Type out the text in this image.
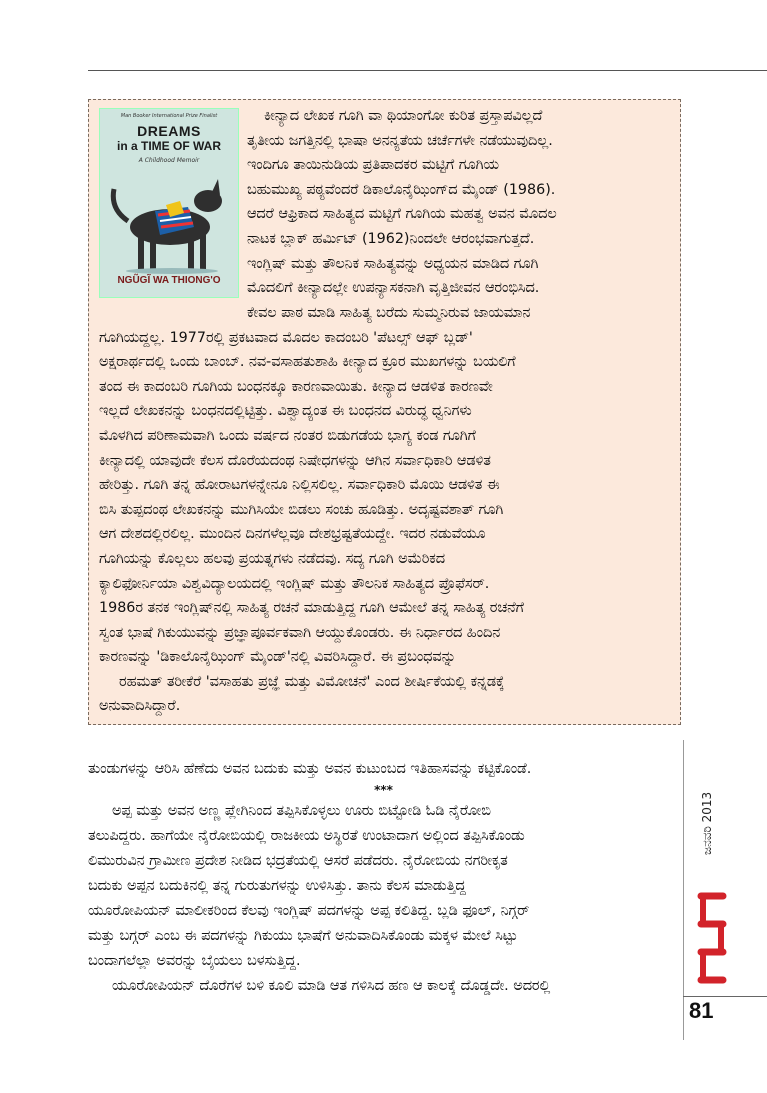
Man Booker International Prize Finalist
DREAMS
in a TIME OF WAR
A Childhood Memoir
NGŨGĨ WA THIONG'O
ಕೀನ್ಯಾದ ಲೇಖಕ ಗೂಗಿ ವಾ ಥಿಯಾಂಗೋ ಕುರಿತ ಪ್ರಸ್ತಾಪವಿಲ್ಲದೆ
ತೃತೀಯ ಜಗತ್ತಿನಲ್ಲಿ ಭಾಷಾ ಅನನ್ಯತೆಯ ಚರ್ಚೆಗಳೇ ನಡೆಯುವುದಿಲ್ಲ.
ಇಂದಿಗೂ ತಾಯಿನುಡಿಯ ಪ್ರತಿಪಾದಕರ ಮಟ್ಟಿಗೆ ಗೂಗಿಯ
ಬಹುಮುಖ್ಯ ಪಠ್ಯವೆಂದರೆ ಡಿಕಾಲೊನೈಝಿಂಗ್‌ದ ಮೈಂಡ್ (1986).
ಆದರೆ ಆಫ್ರಿಕಾದ ಸಾಹಿತ್ಯದ ಮಟ್ಟಿಗೆ ಗೂಗಿಯ ಮಹತ್ವ ಅವನ ಮೊದಲ
ನಾಟಕ ಬ್ಲಾಕ್ ಹರ್ಮಿಟ್ (1962)ನಿಂದಲೇ ಆರಂಭವಾಗುತ್ತದೆ.
ಇಂಗ್ಲಿಷ್ ಮತ್ತು ತೌಲನಿಕ ಸಾಹಿತ್ಯವನ್ನು ಅಧ್ಯಯನ ಮಾಡಿದ ಗೂಗಿ
ಮೊದಲಿಗೆ ಕೀನ್ಯಾದಲ್ಲೇ ಉಪನ್ಯಾಸಕನಾಗಿ ವೃತ್ತಿಜೀವನ ಆರಂಭಿಸಿದ.
ಕೇವಲ ಪಾಠ ಮಾಡಿ ಸಾಹಿತ್ಯ ಬರೆದು ಸುಮ್ಮನಿರುವ ಜಾಯಮಾನ
ಗೂಗಿಯದ್ದಲ್ಲ. 1977ರಲ್ಲಿ ಪ್ರಕಟವಾದ ಮೊದಲ ಕಾದಂಬರಿ 'ಪೆಟಲ್ಸ್ ಆಫ್ ಬ್ಲಡ್'
ಅಕ್ಷರಾರ್ಥದಲ್ಲಿ ಒಂದು ಬಾಂಬ್. ನವ-ವಸಾಹತುಶಾಹಿ ಕೀನ್ಯಾದ ಕ್ರೂರ ಮುಖಗಳನ್ನು ಬಯಲಿಗೆ
ತಂದ ಈ ಕಾದಂಬರಿ ಗೂಗಿಯ ಬಂಧನಕ್ಕೂ ಕಾರಣವಾಯಿತು. ಕೀನ್ಯಾದ ಆಡಳಿತ ಕಾರಣವೇ
ಇಲ್ಲದೆ ಲೇಖಕನನ್ನು ಬಂಧನದಲ್ಲಿಟ್ಟಿತ್ತು. ವಿಶ್ವಾದ್ಯಂತ ಈ ಬಂಧನದ ವಿರುದ್ಧ ಧ್ವನಿಗಳು
ಮೊಳಗಿದ ಪರಿಣಾಮವಾಗಿ ಒಂದು ವರ್ಷದ ನಂತರ ಬಿಡುಗಡೆಯ ಭಾಗ್ಯ ಕಂಡ ಗೂಗಿಗೆ
ಕೀನ್ಯಾದಲ್ಲಿ ಯಾವುದೇ ಕೆಲಸ ದೊರೆಯದಂಥ ನಿಷೇಧಗಳನ್ನು ಆಗಿನ ಸರ್ವಾಧಿಕಾರಿ ಆಡಳಿತ
ಹೇರಿತ್ತು. ಗೂಗಿ ತನ್ನ ಹೋರಾಟಗಳನ್ನೇನೂ ನಿಲ್ಲಿಸಲಿಲ್ಲ. ಸರ್ವಾಧಿಕಾರಿ ಮೊಯಿ ಆಡಳಿತ ಈ
ಬಿಸಿ ತುಪ್ಪದಂಥ ಲೇಖಕನನ್ನು ಮುಗಿಸಿಯೇ ಬಿಡಲು ಸಂಚು ಹೂಡಿತ್ತು. ಅದೃಷ್ಟವಶಾತ್ ಗೂಗಿ
ಆಗ ದೇಶದಲ್ಲಿರಲಿಲ್ಲ. ಮುಂದಿನ ದಿನಗಳೆಲ್ಲವೂ ದೇಶಭ್ರಷ್ಟತೆಯದ್ದೇ. ಇದರ ನಡುವೆಯೂ
ಗೂಗಿಯನ್ನು ಕೊಲ್ಲಲು ಹಲವು ಪ್ರಯತ್ನಗಳು ನಡೆದವು. ಸದ್ಯ ಗೂಗಿ ಅಮೆರಿಕದ
ಕ್ಯಾಲಿಫೋರ್ನಿಯಾ ವಿಶ್ವವಿದ್ಯಾಲಯದಲ್ಲಿ ಇಂಗ್ಲಿಷ್ ಮತ್ತು ತೌಲನಿಕ ಸಾಹಿತ್ಯದ ಪ್ರೊಫೆಸರ್.
1986ರ ತನಕ ಇಂಗ್ಲಿಷ್‌ನಲ್ಲಿ ಸಾಹಿತ್ಯ ರಚನೆ ಮಾಡುತ್ತಿದ್ದ ಗೂಗಿ ಆಮೇಲೆ ತನ್ನ ಸಾಹಿತ್ಯ ರಚನೆಗೆ
ಸ್ವಂತ ಭಾಷೆ ಗಿಕುಯುವನ್ನು ಪ್ರಜ್ಞಾಪೂರ್ವಕವಾಗಿ ಆಯ್ದುಕೊಂಡರು. ಈ ನಿರ್ಧಾರದ ಹಿಂದಿನ
ಕಾರಣವನ್ನು 'ಡಿಕಾಲೊನೈಝಿಂಗ್ ಮೈಂಡ್'ನಲ್ಲಿ ವಿವರಿಸಿದ್ದಾರೆ. ಈ ಪ್ರಬಂಧವನ್ನು
ರಹಮತ್ ತರೀಕೆರೆ 'ವಸಾಹತು ಪ್ರಜ್ಞೆ ಮತ್ತು ವಿಮೋಚನೆ' ಎಂದ ಶೀರ್ಷಿಕೆಯಲ್ಲಿ ಕನ್ನಡಕ್ಕೆ
ಅನುವಾದಿಸಿದ್ದಾರೆ.
ತುಂಡುಗಳನ್ನು ಆರಿಸಿ ಹೆಣೆದು ಅವನ ಬದುಕು ಮತ್ತು ಅವನ ಕುಟುಂಬದ ಇತಿಹಾಸವನ್ನು ಕಟ್ಟಿಕೊಂಡೆ.
***
ಅಪ್ಪ ಮತ್ತು ಅವನ ಅಣ್ಣ ಪ್ಲೇಗಿನಿಂದ ತಪ್ಪಿಸಿಕೊಳ್ಳಲು ಊರು ಬಿಟ್ಟೋಡಿ ಓಡಿ ನೈರೋಬಿ
ತಲುಪಿದ್ದರು. ಹಾಗೆಯೇ ನೈರೋಬಿಯಲ್ಲಿ ರಾಜಕೀಯ ಅಸ್ಥಿರತೆ ಉಂಟಾದಾಗ ಅಲ್ಲಿಂದ ತಪ್ಪಿಸಿಕೊಂಡು
ಲಿಮುರುವಿನ ಗ್ರಾಮೀಣ ಪ್ರದೇಶ ನೀಡಿದ ಭದ್ರತೆಯಲ್ಲಿ ಆಸರೆ ಪಡೆದರು. ನೈರೋಬಿಯ ನಗರೀಕೃತ
ಬದುಕು ಅಪ್ಪನ ಬದುಕಿನಲ್ಲಿ ತನ್ನ ಗುರುತುಗಳನ್ನು ಉಳಿಸಿತ್ತು. ತಾನು ಕೆಲಸ ಮಾಡುತ್ತಿದ್ದ
ಯೂರೋಪಿಯನ್ ಮಾಲೀಕರಿಂದ ಕೆಲವು ಇಂಗ್ಲಿಷ್ ಪದಗಳನ್ನು ಅಪ್ಪ ಕಲಿತಿದ್ದ. ಬ್ಲಡಿ ಫೂಲ್, ನಿಗ್ಗರ್
ಮತ್ತು ಬಗ್ಗರ್ ಎಂಬ ಈ ಪದಗಳನ್ನು ಗಿಕುಯು ಭಾಷೆಗೆ ಅನುವಾದಿಸಿಕೊಂಡು ಮಕ್ಕಳ ಮೇಲೆ ಸಿಟ್ಟು
ಬಂದಾಗಲೆಲ್ಲಾ ಅವರನ್ನು ಬೈಯಲು ಬಳಸುತ್ತಿದ್ದ.
ಯೂರೋಪಿಯನ್ ದೊರೆಗಳ ಬಳಿ ಕೂಲಿ ಮಾಡಿ ಆತ ಗಳಿಸಿದ ಹಣ ಆ ಕಾಲಕ್ಕೆ ದೊಡ್ಡದೇ. ಅದರಲ್ಲಿ
ಜನವರಿ 2013
81
